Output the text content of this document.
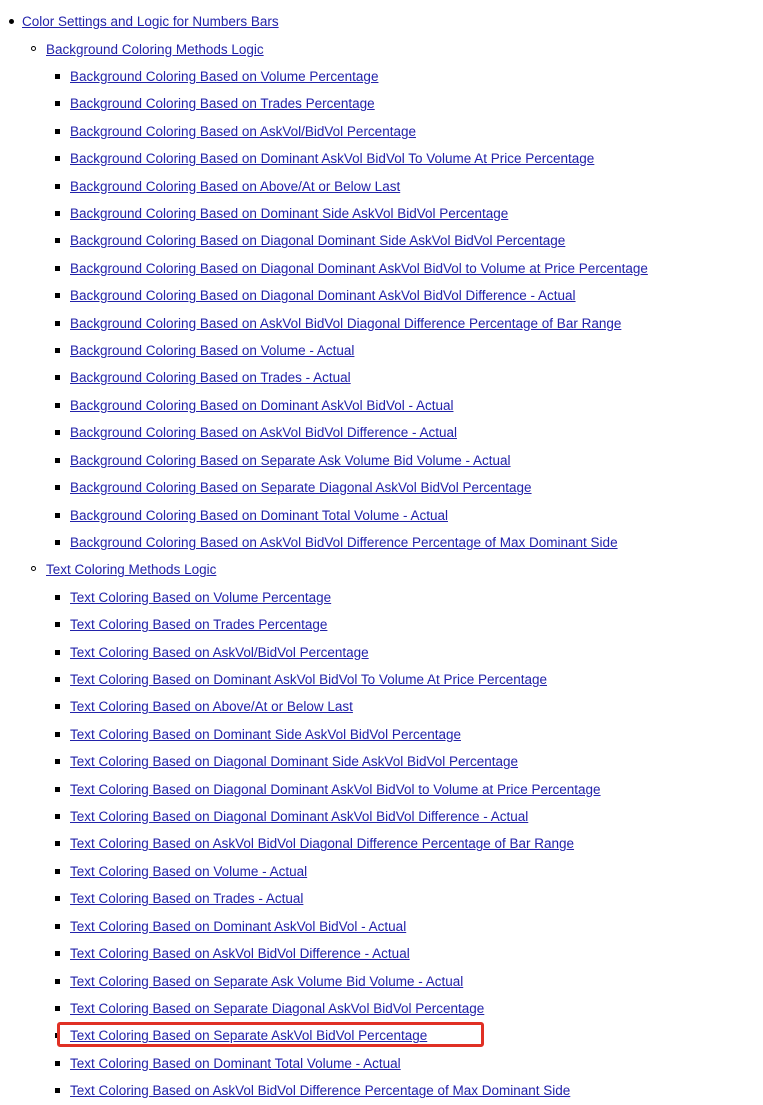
Color Settings and Logic for Numbers Bars
Background Coloring Methods Logic
Background Coloring Based on Volume Percentage
Background Coloring Based on Trades Percentage
Background Coloring Based on AskVol/BidVol Percentage
Background Coloring Based on Dominant AskVol BidVol To Volume At Price Percentage
Background Coloring Based on Above/At or Below Last
Background Coloring Based on Dominant Side AskVol BidVol Percentage
Background Coloring Based on Diagonal Dominant Side AskVol BidVol Percentage
Background Coloring Based on Diagonal Dominant AskVol BidVol to Volume at Price Percentage
Background Coloring Based on Diagonal Dominant AskVol BidVol Difference - Actual
Background Coloring Based on AskVol BidVol Diagonal Difference Percentage of Bar Range
Background Coloring Based on Volume - Actual
Background Coloring Based on Trades - Actual
Background Coloring Based on Dominant AskVol BidVol - Actual
Background Coloring Based on AskVol BidVol Difference - Actual
Background Coloring Based on Separate Ask Volume Bid Volume - Actual
Background Coloring Based on Separate Diagonal AskVol BidVol Percentage
Background Coloring Based on Dominant Total Volume - Actual
Background Coloring Based on AskVol BidVol Difference Percentage of Max Dominant Side
Text Coloring Methods Logic
Text Coloring Based on Volume Percentage
Text Coloring Based on Trades Percentage
Text Coloring Based on AskVol/BidVol Percentage
Text Coloring Based on Dominant AskVol BidVol To Volume At Price Percentage
Text Coloring Based on Above/At or Below Last
Text Coloring Based on Dominant Side AskVol BidVol Percentage
Text Coloring Based on Diagonal Dominant Side AskVol BidVol Percentage
Text Coloring Based on Diagonal Dominant AskVol BidVol to Volume at Price Percentage
Text Coloring Based on Diagonal Dominant AskVol BidVol Difference - Actual
Text Coloring Based on AskVol BidVol Diagonal Difference Percentage of Bar Range
Text Coloring Based on Volume - Actual
Text Coloring Based on Trades - Actual
Text Coloring Based on Dominant AskVol BidVol - Actual
Text Coloring Based on AskVol BidVol Difference - Actual
Text Coloring Based on Separate Ask Volume Bid Volume - Actual
Text Coloring Based on Separate Diagonal AskVol BidVol Percentage
Text Coloring Based on Separate AskVol BidVol Percentage
Text Coloring Based on Dominant Total Volume - Actual
Text Coloring Based on AskVol BidVol Difference Percentage of Max Dominant Side
